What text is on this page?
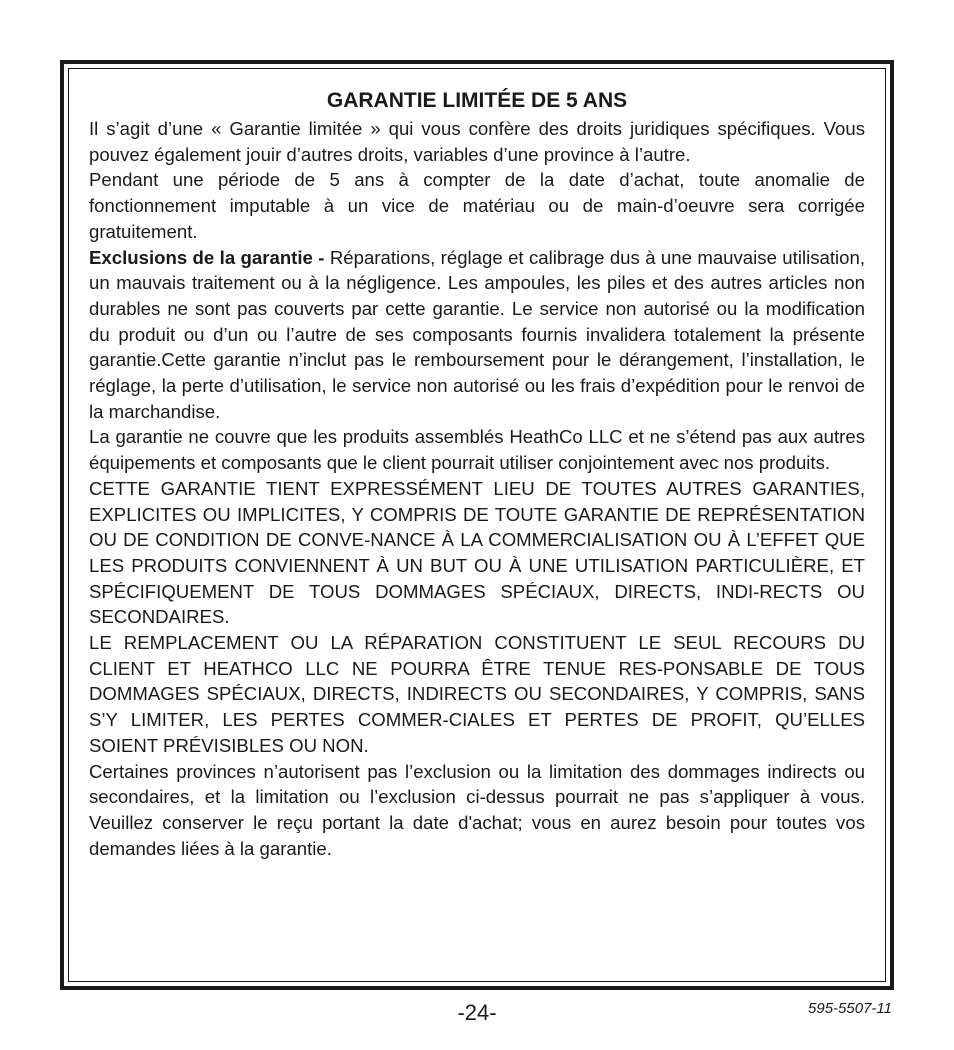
GARANTIE LIMITÉE DE 5 ANS

Il s’agit d’une « Garantie limitée » qui vous confère des droits juridiques spécifiques. Vous pouvez également jouir d’autres droits, variables d’une province à l’autre.

Pendant une période de 5 ans à compter de la date d’achat, toute anomalie de fonctionnement imputable à un vice de matériau ou de main-d’oeuvre sera corrigée gratuitement.

Exclusions de la garantie - Réparations, réglage et calibrage dus à une mauvaise utilisation, un mauvais traitement ou à la négligence. Les ampoules, les piles et des autres articles non durables ne sont pas couverts par cette garantie. Le service non autorisé ou la modification du produit ou d’un ou l’autre de ses composants fournis invalidera totalement la présente garantie.Cette garantie n’inclut pas le remboursement pour le dérangement, l’installation, le réglage, la perte d’utilisation, le service non autorisé ou les frais d’expédition pour le renvoi de la marchandise.

La garantie ne couvre que les produits assemblés HeathCo LLC et ne s’étend pas aux autres équipements et composants que le client pourrait utiliser conjointement avec nos produits.

CETTE GARANTIE TIENT EXPRESSÉMENT LIEU DE TOUTES AUTRES GARANTIES, EXPLICITES OU IMPLICITES, Y COMPRIS DE TOUTE GARANTIE DE REPRÉSENTATION OU DE CONDITION DE CONVE-NANCE À LA COMMERCIALISATION OU À L’EFFET QUE LES PRODUITS CONVIENNENT À UN BUT OU À UNE UTILISATION PARTICULIÈRE, ET SPÉCIFIQUEMENT DE TOUS DOMMAGES SPÉCIAUX, DIRECTS, INDI-RECTS OU SECONDAIRES.

LE REMPLACEMENT OU LA RÉPARATION CONSTITUENT LE SEUL RECOURS DU CLIENT ET HEATHCO LLC NE POURRA ÊTRE TENUE RES-PONSABLE DE TOUS DOMMAGES SPÉCIAUX, DIRECTS, INDIRECTS OU SECONDAIRES, Y COMPRIS, SANS S’Y LIMITER, LES PERTES COMMER-CIALES ET PERTES DE PROFIT, QU’ELLES SOIENT PRÉVISIBLES OU NON.

Certaines provinces n’autorisent pas l’exclusion ou la limitation des dommages indirects ou secondaires, et la limitation ou l’exclusion ci-dessus pourrait ne pas s’appliquer à vous. Veuillez conserver le reçu portant la date d'achat; vous en aurez besoin pour toutes vos demandes liées à la garantie.

-24-	595-5507-11
